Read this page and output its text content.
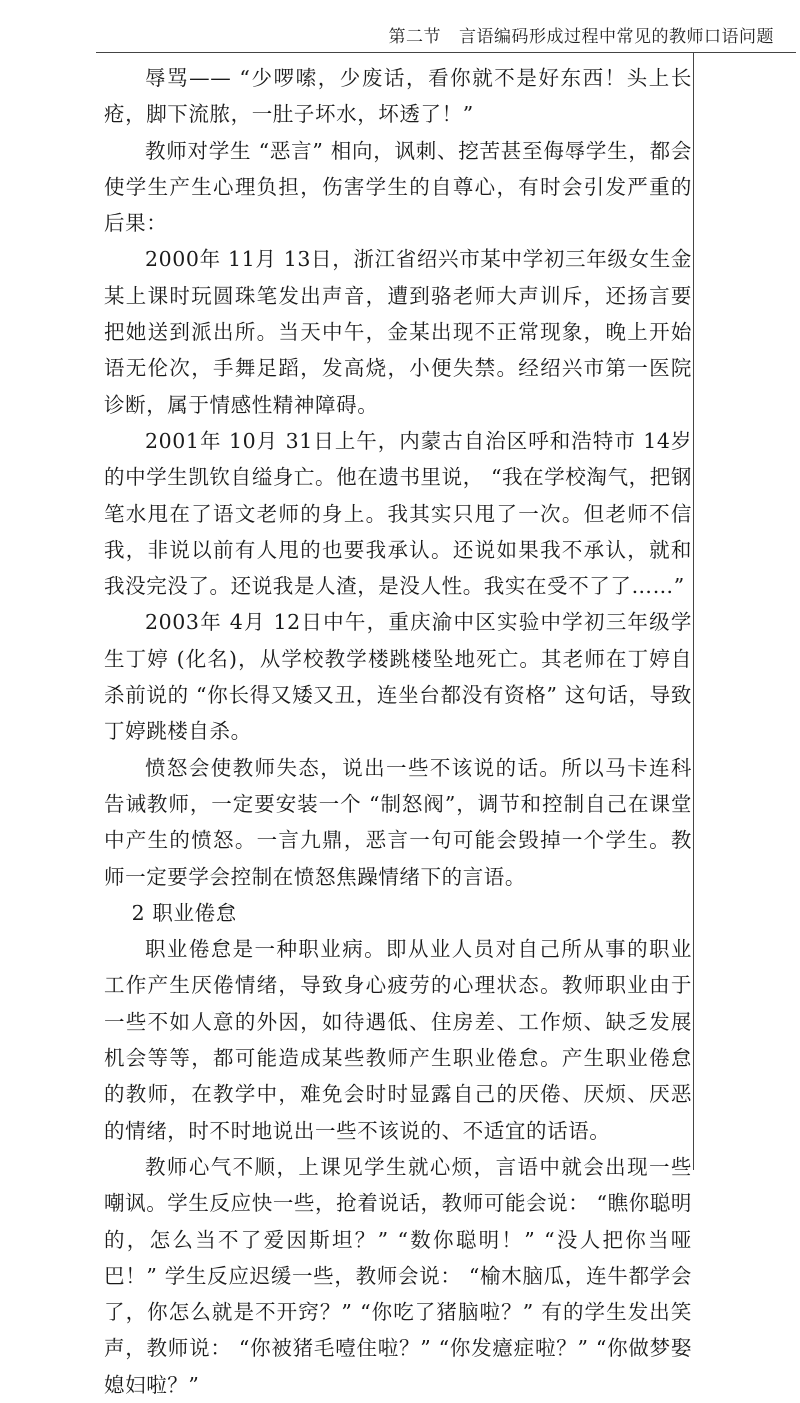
第二节 言语编码形成过程中常见的教师口语问题

辱骂—— “少啰嗦，少废话，看你就不是好东西！头上长疮，脚下流脓，一肚子坏水，坏透了！”

教师对学生 “恶言” 相向，讽刺、挖苦甚至侮辱学生，都会使学生产生心理负担，伤害学生的自尊心，有时会引发严重的后果：

2000年 11月 13日，浙江省绍兴市某中学初三年级女生金某上课时玩圆珠笔发出声音，遭到骆老师大声训斥，还扬言要把她送到派出所。当天中午，金某出现不正常现象，晚上开始语无伦次，手舞足蹈，发高烧，小便失禁。经绍兴市第一医院诊断，属于情感性精神障碍。

2001年 10月 31日上午，内蒙古自治区呼和浩特市 14岁的中学生凯钦自缢身亡。他在遗书里说， “我在学校淘气，把钢笔水甩在了语文老师的身上。我其实只甩了一次。但老师不信我，非说以前有人甩的也要我承认。还说如果我不承认，就和我没完没了。还说我是人渣，是没人性。我实在受不了了……”

2003年 4月 12日中午，重庆渝中区实验中学初三年级学生丁婷 (化名)，从学校教学楼跳楼坠地死亡。其老师在丁婷自杀前说的 “你长得又矮又丑，连坐台都没有资格” 这句话，导致丁婷跳楼自杀。

愤怒会使教师失态，说出一些不该说的话。所以马卡连科告诫教师，一定要安装一个 “制怒阀”，调节和控制自己在课堂中产生的愤怒。一言九鼎，恶言一句可能会毁掉一个学生。教师一定要学会控制在愤怒焦躁情绪下的言语。

2 职业倦怠

职业倦怠是一种职业病。即从业人员对自己所从事的职业工作产生厌倦情绪，导致身心疲劳的心理状态。教师职业由于一些不如人意的外因，如待遇低、住房差、工作烦、缺乏发展机会等等，都可能造成某些教师产生职业倦怠。产生职业倦怠的教师，在教学中，难免会时时显露自己的厌倦、厌烦、厌恶的情绪，时不时地说出一些不该说的、不适宜的话语。

教师心气不顺，上课见学生就心烦，言语中就会出现一些嘲讽。学生反应快一些，抢着说话，教师可能会说： “瞧你聪明的，怎么当不了爱因斯坦？” “数你聪明！” “没人把你当哑巴！” 学生反应迟缓一些，教师会说： “榆木脑瓜，连牛都学会了，你怎么就是不开窍？” “你吃了猪脑啦？” 有的学生发出笑声，教师说： “你被猪毛噎住啦？” “你发癔症啦？” “你做梦娶媳妇啦？”
